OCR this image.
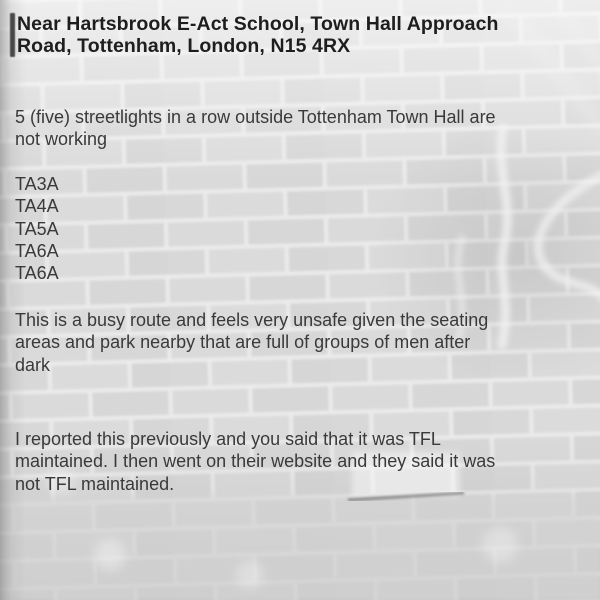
Near Hartsbrook E-Act School, Town Hall Approach
Road, Tottenham, London, N15 4RX
5 (five) streetlights in a row outside Tottenham Town Hall are
not working
TA3A
TA4A
TA5A
TA6A
TA6A
This is a busy route and feels very unsafe given the seating
areas and park nearby that are full of groups of men after
dark
I reported this previously and you said that it was TFL
maintained. I then went on their website and they said it was
not TFL maintained.
